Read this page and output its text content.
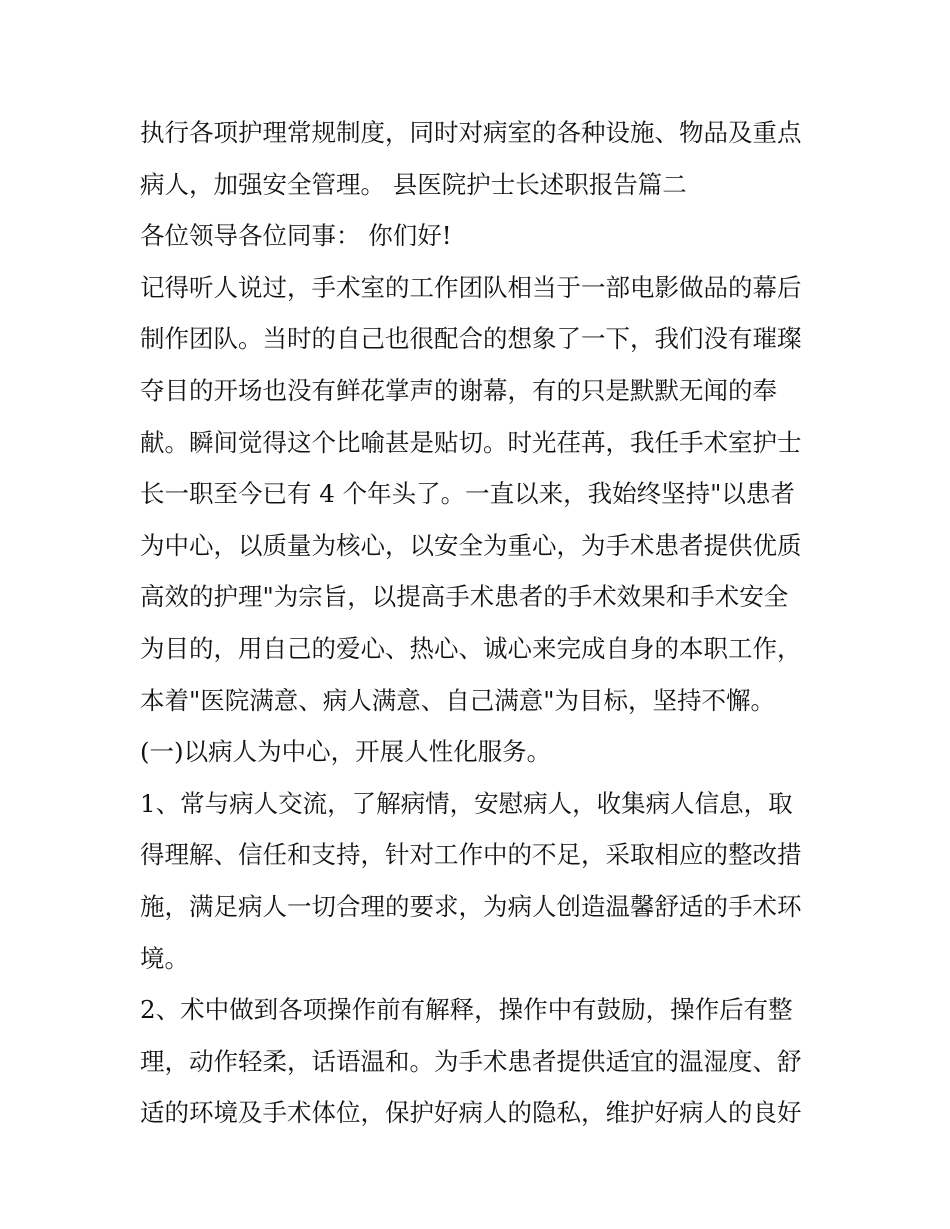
执行各项护理常规制度，同时对病室的各种设施、物品及重点
病人，加强安全管理。 县医院护士长述职报告篇二
各位领导各位同事： 你们好!
记得听人说过，手术室的工作团队相当于一部电影做品的幕后
制作团队。当时的自己也很配合的想象了一下，我们没有璀璨
夺目的开场也没有鲜花掌声的谢幕，有的只是默默无闻的奉
献。瞬间觉得这个比喻甚是贴切。时光荏苒，我任手术室护士
长一职至今已有 4 个年头了。一直以来，我始终坚持"以患者
为中心，以质量为核心，以安全为重心，为手术患者提供优质
高效的护理"为宗旨，以提高手术患者的手术效果和手术安全
为目的，用自己的爱心、热心、诚心来完成自身的本职工作，
本着"医院满意、病人满意、自己满意"为目标，坚持不懈。
(一)以病人为中心，开展人性化服务。
1、常与病人交流，了解病情，安慰病人，收集病人信息，取
得理解、信任和支持，针对工作中的不足，采取相应的整改措
施，满足病人一切合理的要求，为病人创造温馨舒适的手术环
境。
2、术中做到各项操作前有解释，操作中有鼓励，操作后有整
理，动作轻柔，话语温和。为手术患者提供适宜的温湿度、舒
适的环境及手术体位，保护好病人的隐私，维护好病人的良好
